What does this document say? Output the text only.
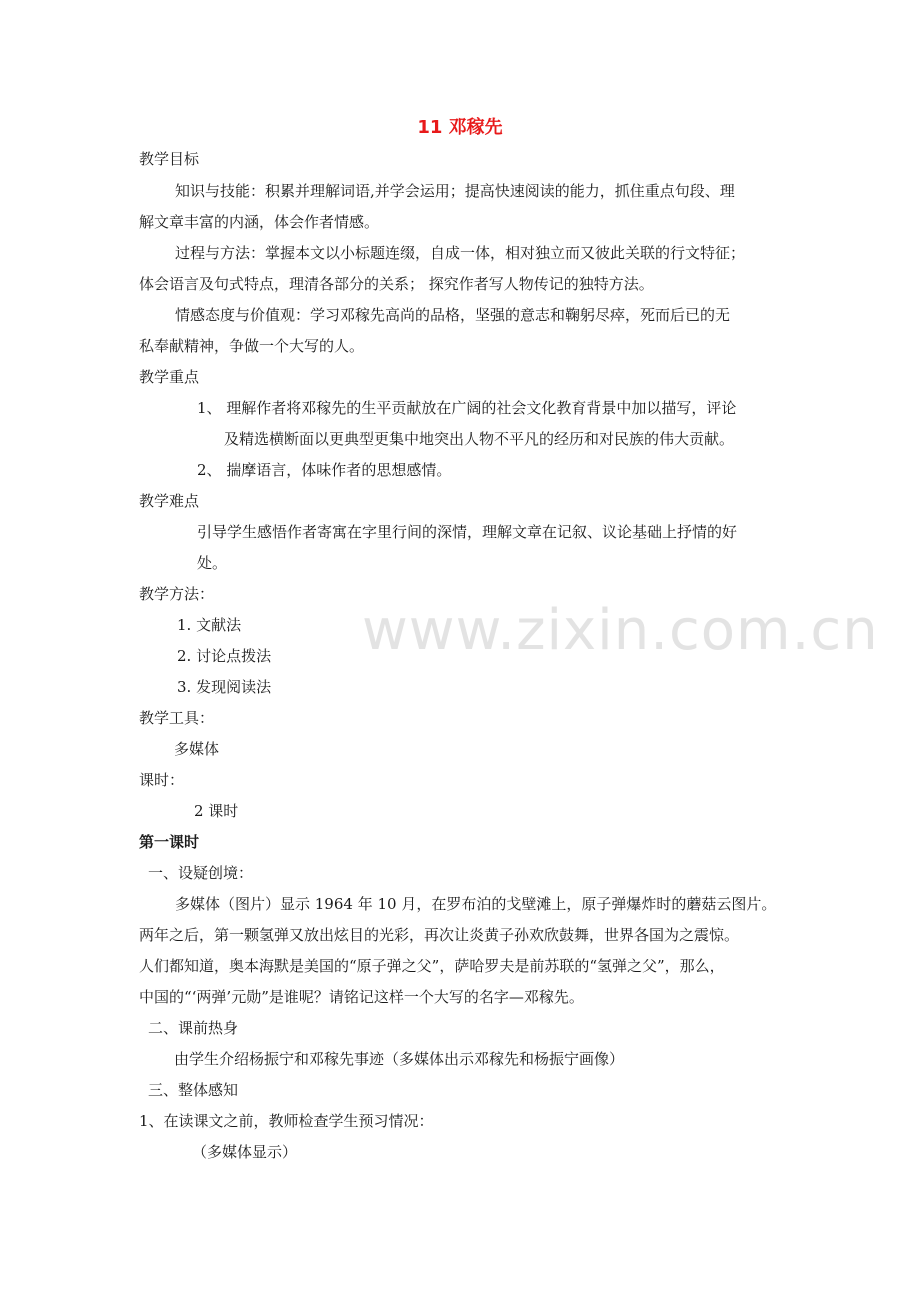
www.zixin.com.cn
11 邓稼先
教学目标
知识与技能：积累并理解词语,并学会运用；提高快速阅读的能力，抓住重点句段、理
解文章丰富的内涵，体会作者情感。
过程与方法：掌握本文以小标题连缀，自成一体，相对独立而又彼此关联的行文特征；
体会语言及句式特点，理清各部分的关系； 探究作者写人物传记的独特方法。
情感态度与价值观：学习邓稼先高尚的品格，坚强的意志和鞠躬尽瘁，死而后已的无
私奉献精神，争做一个大写的人。
教学重点
1、 理解作者将邓稼先的生平贡献放在广阔的社会文化教育背景中加以描写，评论
及精选横断面以更典型更集中地突出人物不平凡的经历和对民族的伟大贡献。
2、 揣摩语言，体味作者的思想感情。
教学难点
引导学生感悟作者寄寓在字里行间的深情，理解文章在记叙、议论基础上抒情的好
处。
教学方法：
1. 文献法
2. 讨论点拨法
3. 发现阅读法
教学工具：
多媒体
课时：
2 课时
第一课时
一、设疑创境：
多媒体（图片）显示 1964 年 10 月，在罗布泊的戈壁滩上，原子弹爆炸时的蘑菇云图片。
两年之后，第一颗氢弹又放出炫目的光彩，再次让炎黄子孙欢欣鼓舞，世界各国为之震惊。
人们都知道，奥本海默是美国的“原子弹之父”，萨哈罗夫是前苏联的“氢弹之父”，那么，
中国的“‘两弹’元勋”是谁呢？请铭记这样一个大写的名字—邓稼先。
二、课前热身
由学生介绍杨振宁和邓稼先事迹（多媒体出示邓稼先和杨振宁画像）
三、整体感知
1、在读课文之前，教师检查学生预习情况：
（多媒体显示）
